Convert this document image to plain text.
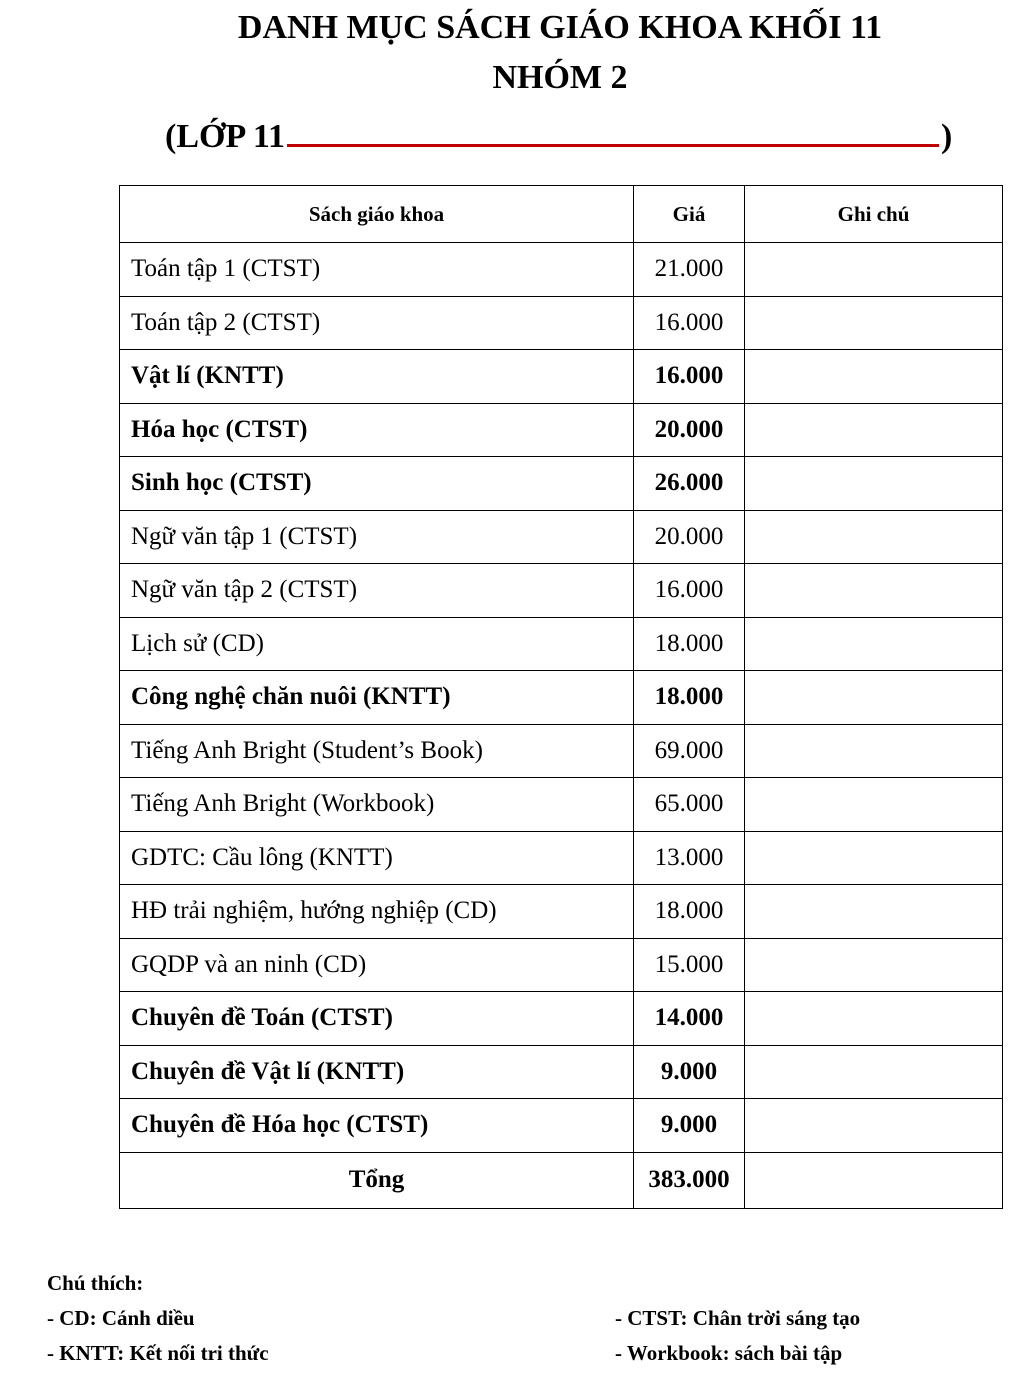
DANH MỤC SÁCH GIÁO KHOA KHỐI 11
NHÓM 2
(LỚP 11	)
Sách giáo khoa	Giá	Ghi chú
Toán tập 1 (CTST)	21.000	
Toán tập 2 (CTST)	16.000	
Vật lí (KNTT)	16.000	
Hóa học (CTST)	20.000	
Sinh học (CTST)	26.000	
Ngữ văn tập 1 (CTST)	20.000	
Ngữ văn tập 2 (CTST)	16.000	
Lịch sử (CD)	18.000	
Công nghệ chăn nuôi (KNTT)	18.000	
Tiếng Anh Bright (Student’s Book)	69.000	
Tiếng Anh Bright (Workbook)	65.000	
GDTC: Cầu lông (KNTT)	13.000	
HĐ trải nghiệm, hướng nghiệp (CD)	18.000	
GQDP và an ninh (CD)	15.000	
Chuyên đề Toán (CTST)	14.000	
Chuyên đề Vật lí (KNTT)	9.000	
Chuyên đề Hóa học (CTST)	9.000	
Tổng	383.000	
Chú thích:
- CD: Cánh diều	- CTST: Chân trời sáng tạo
- KNTT: Kết nối tri thức	- Workbook: sách bài tập
